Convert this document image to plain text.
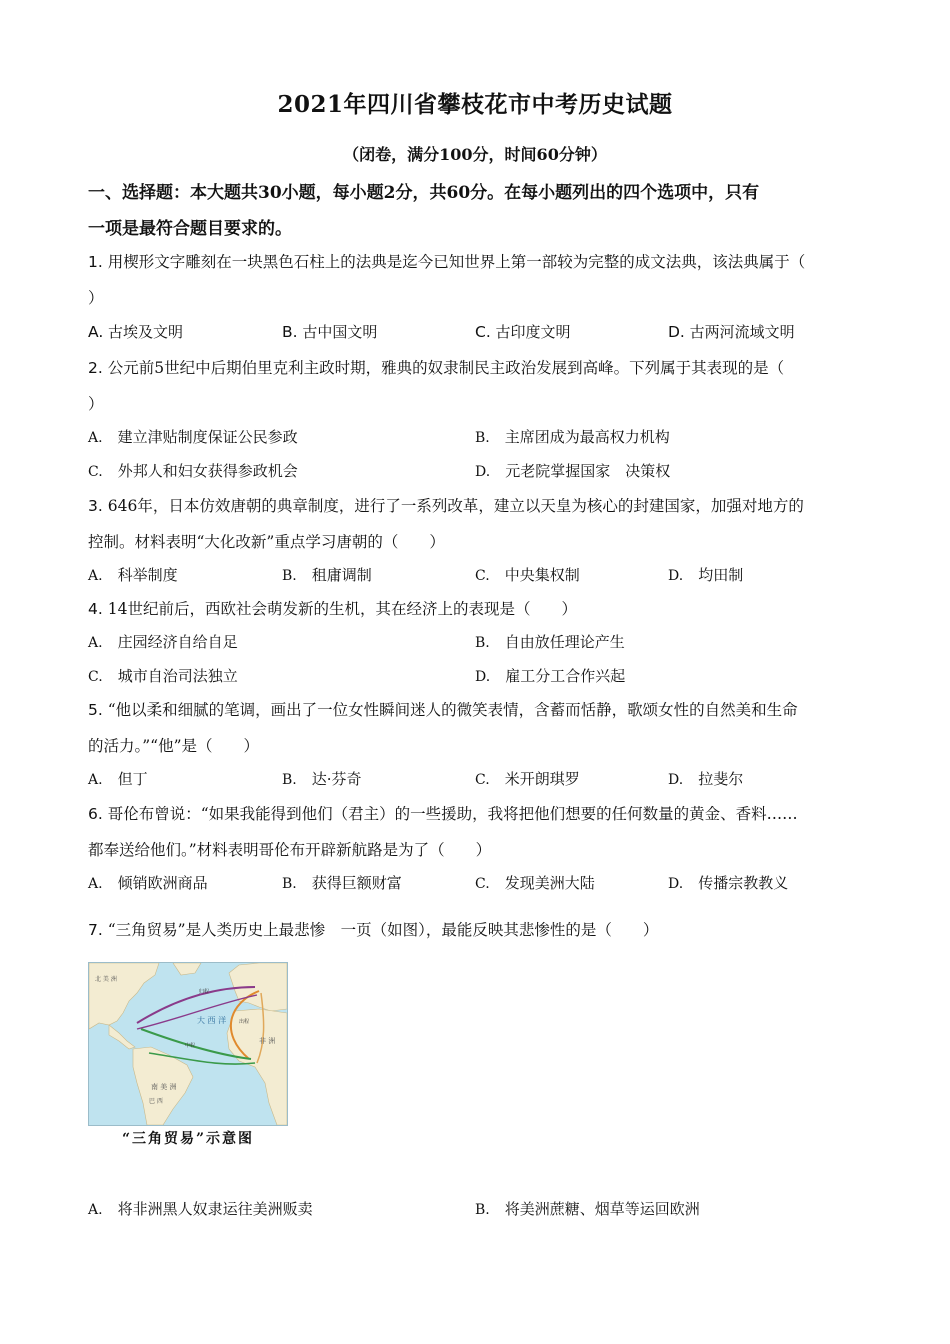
2021年四川省攀枝花市中考历史试题
（闭卷，满分100分，时间60分钟）
一、选择题：本大题共30小题，每小题2分，共60分。在每小题列出的四个选项中，只有
一项是最符合题目要求的。
1. 用楔形文字雕刻在一块黑色石柱上的法典是迄今已知世界上第一部较为完整的成文法典，该法典属于（
）
A. 古埃及文明	B. 古中国文明	C. 古印度文明	D. 古两河流域文明
2. 公元前5世纪中后期伯里克利主政时期，雅典的奴隶制民主政治发展到高峰。下列属于其表现的是（
）
A.　 建立津贴制度保证公民参政	B.　 主席团成为最高权力机构
C.　 外邦人和妇女获得参政机会	D.　 元老院掌握国家　决策权
3. 646年，日本仿效唐朝的典章制度，进行了一系列改革，建立以天皇为核心的封建国家，加强对地方的
控制。材料表明“大化改新”重点学习唐朝的（　　）
A.　 科举制度	B.　 租庸调制	C.　 中央集权制	D.　 均田制
4. 14世纪前后，西欧社会萌发新的生机，其在经济上的表现是（　　）
A.　 庄园经济自给自足	B.　 自由放任理论产生
C.　 城市自治司法独立	D.　 雇工分工合作兴起
5. “他以柔和细腻的笔调，画出了一位女性瞬间迷人的微笑表情，含蓄而恬静，歌颂女性的自然美和生命
的活力。”“他”是（　　）
A.　 但丁	B.　 达·芬奇	C.　 米开朗琪罗	D.　 拉斐尔
6. 哥伦布曾说：“如果我能得到他们（君主）的一些援助，我将把他们想要的任何数量的黄金、香料……
都奉送给他们。”材料表明哥伦布开辟新航路是为了（　　）
A.　 倾销欧洲商品	B.　 获得巨额财富	C.　 发现美洲大陆	D.　 传播宗教教义
7. “三角贸易”是人类历史上最悲惨　一页（如图），最能反映其悲惨性的是（　　）
北 美 洲
南 美 洲
巴 西
大 西 洋
非 洲
归程
出程
中程
“三角贸易”示意图
A.　 将非洲黑人奴隶运往美洲贩卖	B.　 将美洲蔗糖、烟草等运回欧洲
